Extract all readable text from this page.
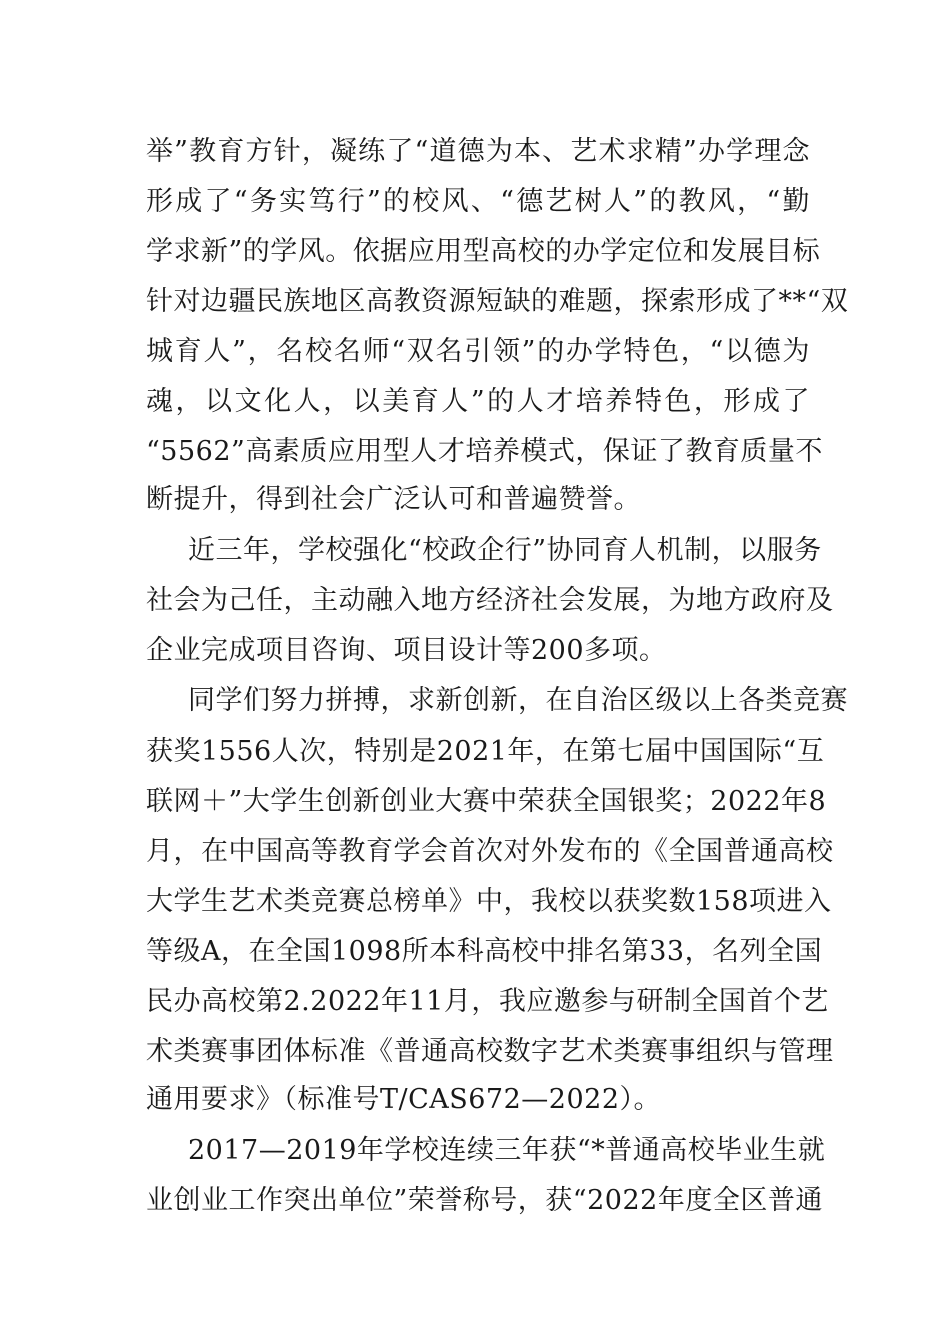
举”教育方针，凝练了“道德为本、艺术求精”办学理念
形成了“务实笃行”的校风、“德艺树人”的教风，“勤
学求新”的学风。依据应用型高校的办学定位和发展目标
针对边疆民族地区高教资源短缺的难题，探索形成了**“双
城育人”，名校名师“双名引领”的办学特色，“以德为
魂，以文化人，以美育人”的人才培养特色，形成了
“5562”高素质应用型人才培养模式，保证了教育质量不
断提升，得到社会广泛认可和普遍赞誉。
近三年，学校强化“校政企行”协同育人机制，以服务
社会为己任，主动融入地方经济社会发展，为地方政府及
企业完成项目咨询、项目设计等200多项。
同学们努力拼搏，求新创新，在自治区级以上各类竞赛
获奖1556人次，特别是2021年，在第七届中国国际“互
联网＋”大学生创新创业大赛中荣获全国银奖；2022年8
月，在中国高等教育学会首次对外发布的《全国普通高校
大学生艺术类竞赛总榜单》中，我校以获奖数158项进入
等级A，在全国1098所本科高校中排名第33，名列全国
民办高校第2.2022年11月，我应邀参与研制全国首个艺
术类赛事团体标准《普通高校数字艺术类赛事组织与管理
通用要求》（标准号T/CAS672—2022）。
2017—2019年学校连续三年获“*普通高校毕业生就
业创业工作突出单位”荣誉称号，获“2022年度全区普通
